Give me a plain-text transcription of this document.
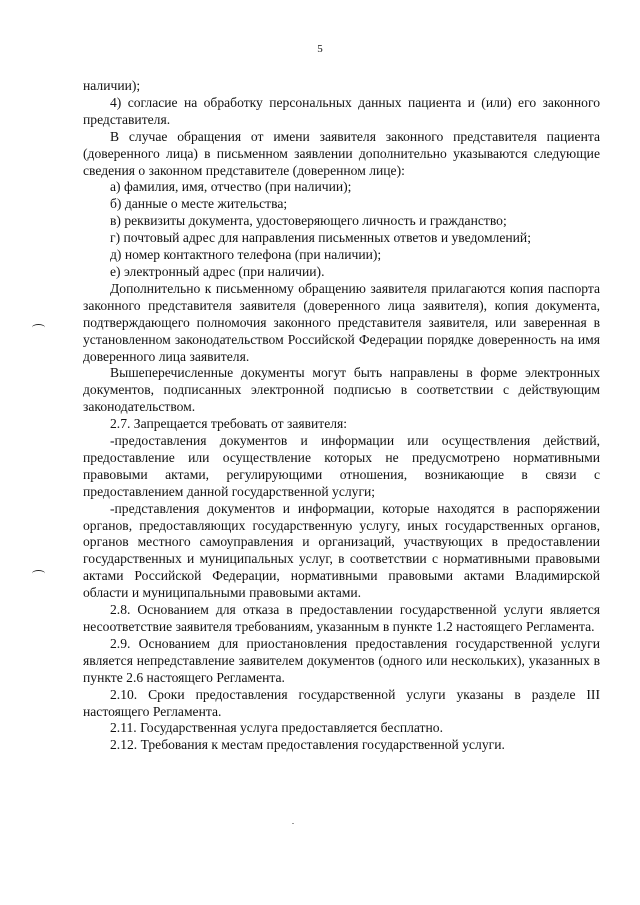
5

наличии);

4) согласие на обработку персональных данных пациента и (или) его законного представителя.

В случае обращения от имени заявителя законного представителя пациента (доверенного лица) в письменном заявлении дополнительно указываются следующие сведения о законном представителе (доверенном лице):

а) фамилия, имя, отчество (при наличии);

б) данные о месте жительства;

в) реквизиты документа, удостоверяющего личность и гражданство;

г) почтовый адрес для направления письменных ответов и уведомлений;

д) номер контактного телефона (при наличии);

е) электронный адрес (при наличии).

Дополнительно к письменному обращению заявителя прилагаются копия паспорта законного представителя заявителя (доверенного лица заявителя), копия документа, подтверждающего полномочия законного представителя заявителя, или заверенная в установленном законодательством Российской Федерации порядке доверенность на имя доверенного лица заявителя.

Вышеперечисленные документы могут быть направлены в форме электронных документов, подписанных электронной подписью в соответствии с действующим законодательством.

2.7. Запрещается требовать от заявителя:

-предоставления документов и информации или осуществления действий, предоставление или осуществление которых не предусмотрено нормативными правовыми актами, регулирующими отношения, возникающие в связи с предоставлением данной государственной услуги;

-представления документов и информации, которые находятся в распоряжении органов, предоставляющих государственную услугу, иных государственных органов, органов местного самоуправления и организаций, участвующих в предоставлении государственных и муниципальных услуг, в соответствии с нормативными правовыми актами Российской Федерации, нормативными правовыми актами Владимирской области и муниципальными правовыми актами.

2.8. Основанием для отказа в предоставлении государственной услуги является несоответствие заявителя требованиям, указанным в пункте 1.2 настоящего Регламента.

2.9. Основанием для приостановления предоставления государственной услуги является непредставление заявителем документов (одного или нескольких), указанных в пункте 2.6 настоящего Регламента.

2.10. Сроки предоставления государственной услуги указаны в разделе III настоящего Регламента.

2.11. Государственная услуга предоставляется бесплатно.

2.12. Требования к местам предоставления государственной услуги.
